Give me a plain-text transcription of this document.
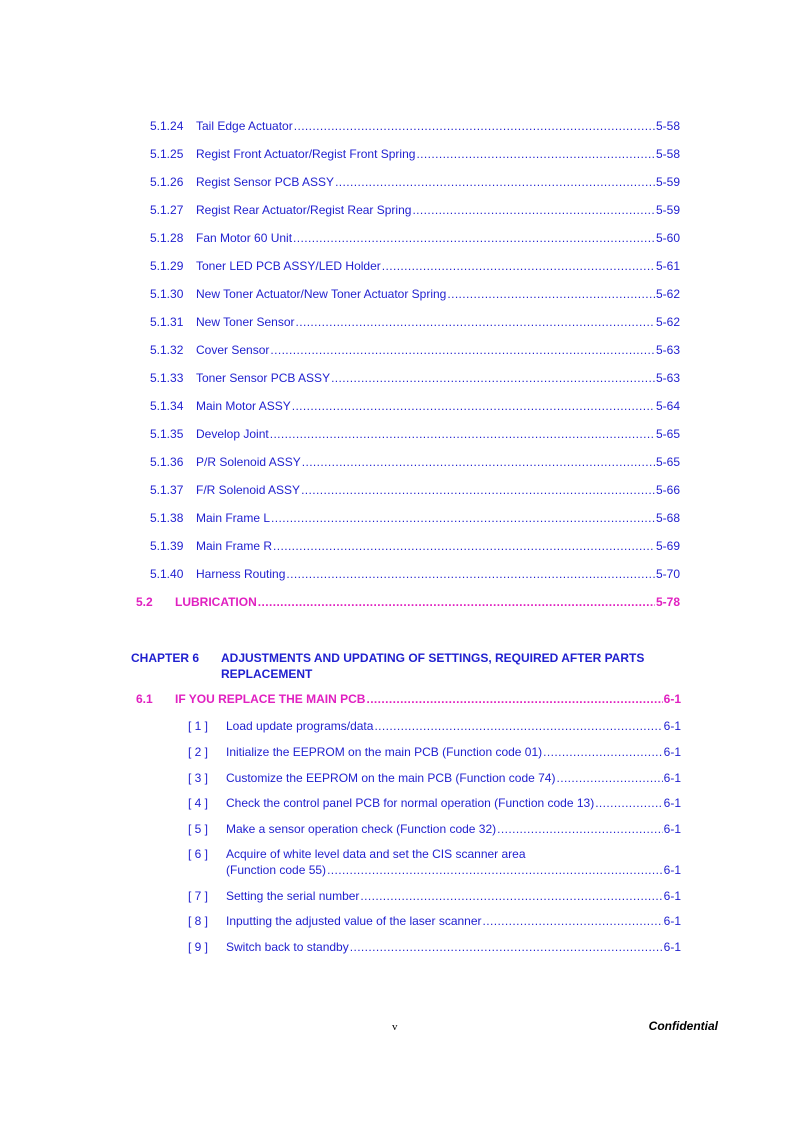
5.1.24	Tail Edge Actuator .....	5-58
5.1.25	Regist Front Actuator/Regist Front Spring .....	5-58
5.1.26	Regist Sensor PCB ASSY .....	5-59
5.1.27	Regist Rear Actuator/Regist Rear Spring .....	5-59
5.1.28	Fan Motor 60 Unit .....	5-60
5.1.29	Toner LED PCB ASSY/LED Holder .....	5-61
5.1.30	New Toner Actuator/New Toner Actuator Spring .....	5-62
5.1.31	New Toner Sensor .....	5-62
5.1.32	Cover Sensor .....	5-63
5.1.33	Toner Sensor PCB ASSY .....	5-63
5.1.34	Main Motor ASSY .....	5-64
5.1.35	Develop Joint .....	5-65
5.1.36	P/R Solenoid ASSY .....	5-65
5.1.37	F/R Solenoid ASSY .....	5-66
5.1.38	Main Frame L .....	5-68
5.1.39	Main Frame R .....	5-69
5.1.40	Harness Routing .....	5-70
5.2	LUBRICATION .....	5-78
CHAPTER 6	ADJUSTMENTS AND UPDATING OF SETTINGS, REQUIRED AFTER PARTS
REPLACEMENT
6.1	IF YOU REPLACE THE MAIN PCB .....	6-1
[ 1 ]	Load update programs/data .....	6-1
[ 2 ]	Initialize the EEPROM on the main PCB (Function code 01) .....	6-1
[ 3 ]	Customize the EEPROM on the main PCB (Function code 74) .....	6-1
[ 4 ]	Check the control panel PCB for normal operation (Function code 13) .....	6-1
[ 5 ]	Make a sensor operation check (Function code 32) .....	6-1
[ 6 ]	Acquire of white level data and set the CIS scanner area
(Function code 55) .....	6-1
[ 7 ]	Setting the serial number .....	6-1
[ 8 ]	Inputting the adjusted value of the laser scanner .....	6-1
[ 9 ]	Switch back to standby .....	6-1
v	Confidential
